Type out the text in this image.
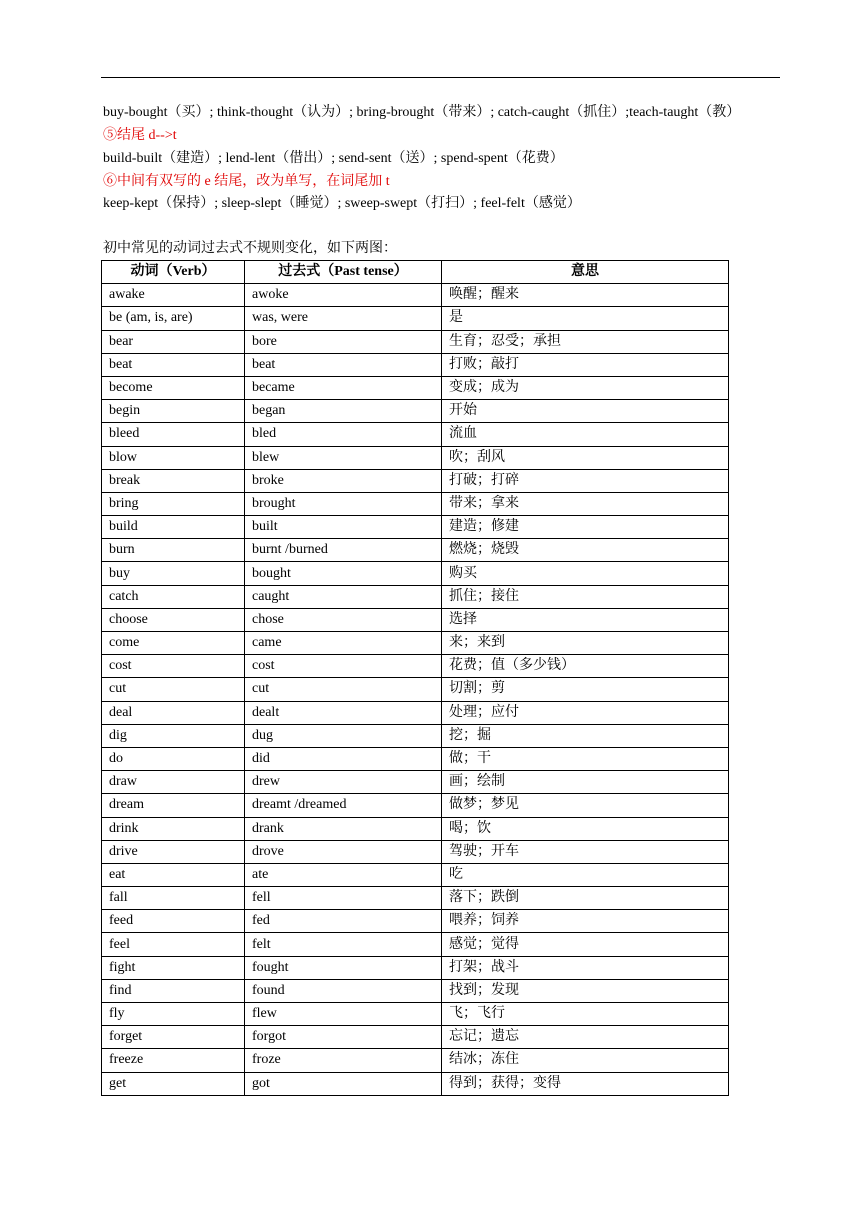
buy-bought（买）; think-thought（认为）; bring-brought（带来）; catch-caught（抓住）;teach-taught（教）
⑤结尾 d-->t
build-built（建造）; lend-lent（借出）; send-sent（送）; spend-spent（花费）
⑥中间有双写的 e 结尾，改为单写，在词尾加 t
keep-kept（保持）; sleep-slept（睡觉）; sweep-swept（打扫）; feel-felt（感觉）
初中常见的动词过去式不规则变化，如下两图：
动词（Verb）	过去式（Past tense）	意思
awake	awoke	唤醒；醒来
be (am, is, are)	was, were	是
bear	bore	生育；忍受；承担
beat	beat	打败；敲打
become	became	变成；成为
begin	began	开始
bleed	bled	流血
blow	blew	吹；刮风
break	broke	打破；打碎
bring	brought	带来；拿来
build	built	建造；修建
burn	burnt /burned	燃烧；烧毁
buy	bought	购买
catch	caught	抓住；接住
choose	chose	选择
come	came	来；来到
cost	cost	花费；值（多少钱）
cut	cut	切割；剪
deal	dealt	处理；应付
dig	dug	挖；掘
do	did	做；干
draw	drew	画；绘制
dream	dreamt /dreamed	做梦；梦见
drink	drank	喝；饮
drive	drove	驾驶；开车
eat	ate	吃
fall	fell	落下；跌倒
feed	fed	喂养；饲养
feel	felt	感觉；觉得
fight	fought	打架；战斗
find	found	找到；发现
fly	flew	飞；飞行
forget	forgot	忘记；遗忘
freeze	froze	结冰；冻住
get	got	得到；获得；变得
